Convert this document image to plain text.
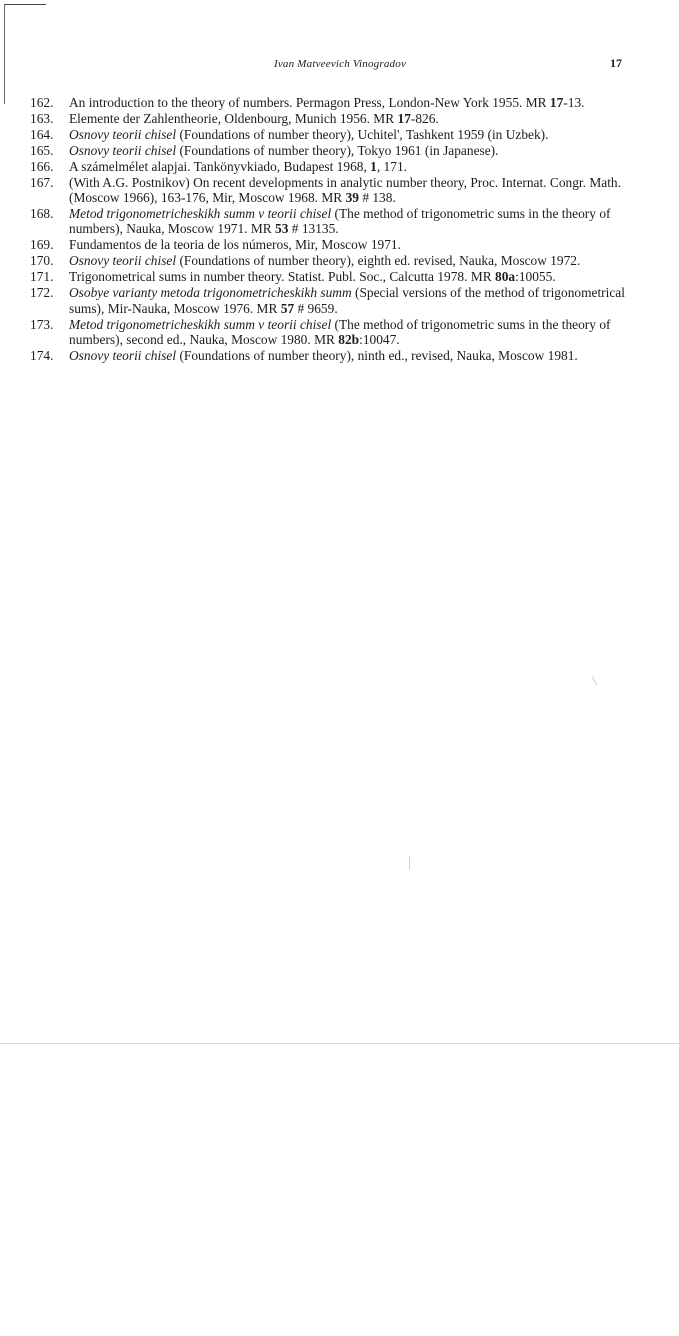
Ivan Matveevich Vinogradov	17
162.	An introduction to the theory of numbers. Permagon Press, London-New York 1955. MR 17-13.
163.	Elemente der Zahlentheorie, Oldenbourg, Munich 1956. MR 17-826.
164.	Osnovy teorii chisel (Foundations of number theory), Uchitel', Tashkent 1959 (in Uzbek).
165.	Osnovy teorii chisel (Foundations of number theory), Tokyo 1961 (in Japanese).
166.	A számelmélet alapjai. Tankönyvkiado, Budapest 1968, 1, 171.
167.	(With A.G. Postnikov) On recent developments in analytic number theory, Proc. Internat. Congr. Math. (Moscow 1966), 163-176, Mir, Moscow 1968. MR 39 # 138.
168.	Metod trigonometricheskikh summ v teorii chisel (The method of trigonometric sums in the theory of numbers), Nauka, Moscow 1971. MR 53 # 13135.
169.	Fundamentos de la teoria de los números, Mir, Moscow 1971.
170.	Osnovy teorii chisel (Foundations of number theory), eighth ed. revised, Nauka, Moscow 1972.
171.	Trigonometrical sums in number theory. Statist. Publ. Soc., Calcutta 1978. MR 80a:10055.
172.	Osobye varianty metoda trigonometricheskikh summ (Special versions of the method of trigonometrical sums), Mir-Nauka, Moscow 1976. MR 57 # 9659.
173.	Metod trigonometricheskikh summ v teorii chisel (The method of trigonometric sums in the theory of numbers), second ed., Nauka, Moscow 1980. MR 82b:10047.
174.	Osnovy teorii chisel (Foundations of number theory), ninth ed., revised, Nauka, Moscow 1981.
